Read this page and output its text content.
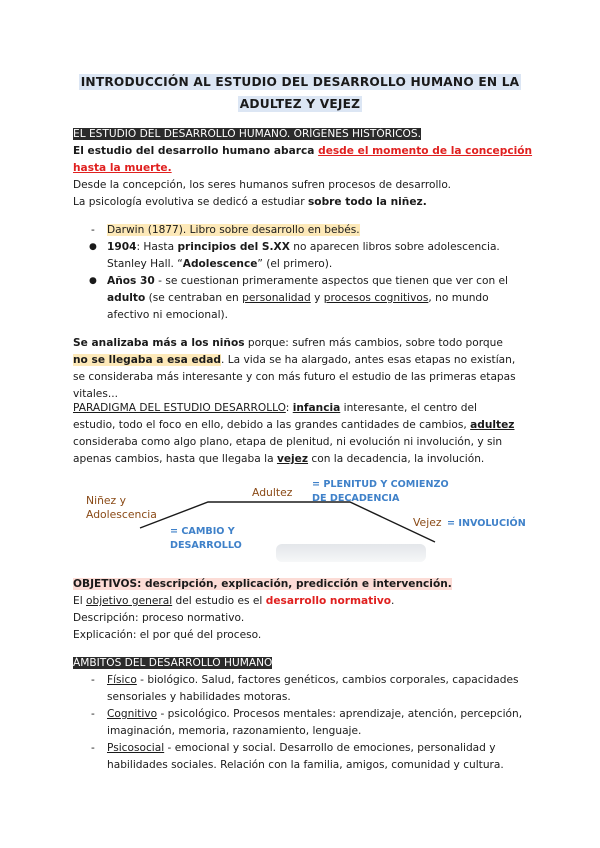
INTRODUCCIÓN AL ESTUDIO DEL DESARROLLO HUMANO EN LA
ADULTEZ Y VEJEZ
EL ESTUDIO DEL DESARROLLO HUMANO. ORÍGENES HISTÓRICOS.
El estudio del desarrollo humano abarca desde el momento de la concepción
hasta la muerte.
Desde la concepción, los seres humanos sufren procesos de desarrollo.
La psicología evolutiva se dedicó a estudiar sobre todo la niñez.
- Darwin (1877). Libro sobre desarrollo en bebés.
● 1904: Hasta principios del S.XX no aparecen libros sobre adolescencia.
Stanley Hall. “Adolescence” (el primero).
● Años 30 - se cuestionan primeramente aspectos que tienen que ver con el
adulto (se centraban en personalidad y procesos cognitivos, no mundo
afectivo ni emocional).
Se analizaba más a los niños porque: sufren más cambios, sobre todo porque
no se llegaba a esa edad. La vida se ha alargado, antes esas etapas no existían,
se consideraba más interesante y con más futuro el estudio de las primeras etapas
vitales...
PARADIGMA DEL ESTUDIO DESARROLLO: infancia interesante, el centro del
estudio, todo el foco en ello, debido a las grandes cantidades de cambios, adultez
consideraba como algo plano, etapa de plenitud, ni evolución ni involución, y sin
apenas cambios, hasta que llegaba la vejez con la decadencia, la involución.
Niñez y
Adolescencia
Adultez
Vejez
= CAMBIO Y
DESARROLLO
= PLENITUD Y COMIENZO
DE DECADENCIA
= INVOLUCIÓN
OBJETIVOS: descripción, explicación, predicción e intervención.
El objetivo general del estudio es el desarrollo normativo.
Descripción: proceso normativo.
Explicación: el por qué del proceso.
ÁMBITOS DEL DESARROLLO HUMANO
- Físico - biológico. Salud, factores genéticos, cambios corporales, capacidades
sensoriales y habilidades motoras.
- Cognitivo - psicológico. Procesos mentales: aprendizaje, atención, percepción,
imaginación, memoria, razonamiento, lenguaje.
- Psicosocial - emocional y social. Desarrollo de emociones, personalidad y
habilidades sociales. Relación con la familia, amigos, comunidad y cultura.
